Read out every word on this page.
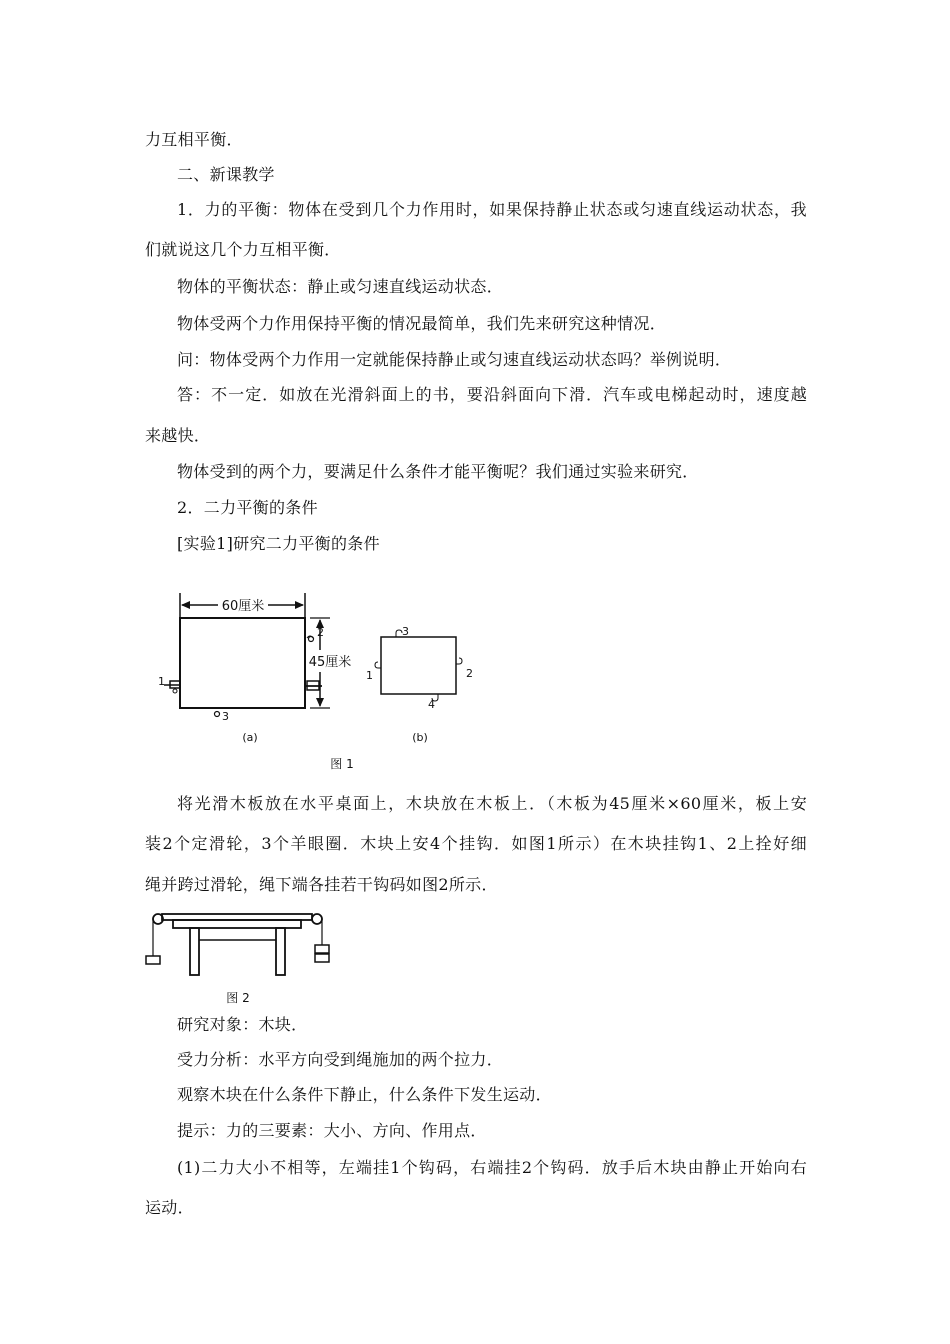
力互相平衡．
二、新课教学
1．力的平衡：物体在受到几个力作用时，如果保持静止状态或匀速直线运动状态，我
们就说这几个力互相平衡．
物体的平衡状态：静止或匀速直线运动状态．
物体受两个力作用保持平衡的情况最简单，我们先来研究这种情况．
问：物体受两个力作用一定就能保持静止或匀速直线运动状态吗？举例说明．
答：不一定．如放在光滑斜面上的书，要沿斜面向下滑．汽车或电梯起动时，速度越
来越快．
物体受到的两个力，要满足什么条件才能平衡呢？我们通过实验来研究．
2．二力平衡的条件
[实验1]研究二力平衡的条件
60厘米
45厘米
2
1
3
(a)
3
1	2
4
(b)
图 1
将光滑木板放在水平桌面上，木块放在木板上．（木板为45厘米×60厘米，板上安
装2个定滑轮，3个羊眼圈．木块上安4个挂钩．如图1所示）在木块挂钩1、2上拴好细
绳并跨过滑轮，绳下端各挂若干钩码如图2所示．
图 2
研究对象：木块．
受力分析：水平方向受到绳施加的两个拉力．
观察木块在什么条件下静止，什么条件下发生运动．
提示：力的三要素：大小、方向、作用点．
(1)二力大小不相等，左端挂1个钩码，右端挂2个钩码．放手后木块由静止开始向右
运动．
